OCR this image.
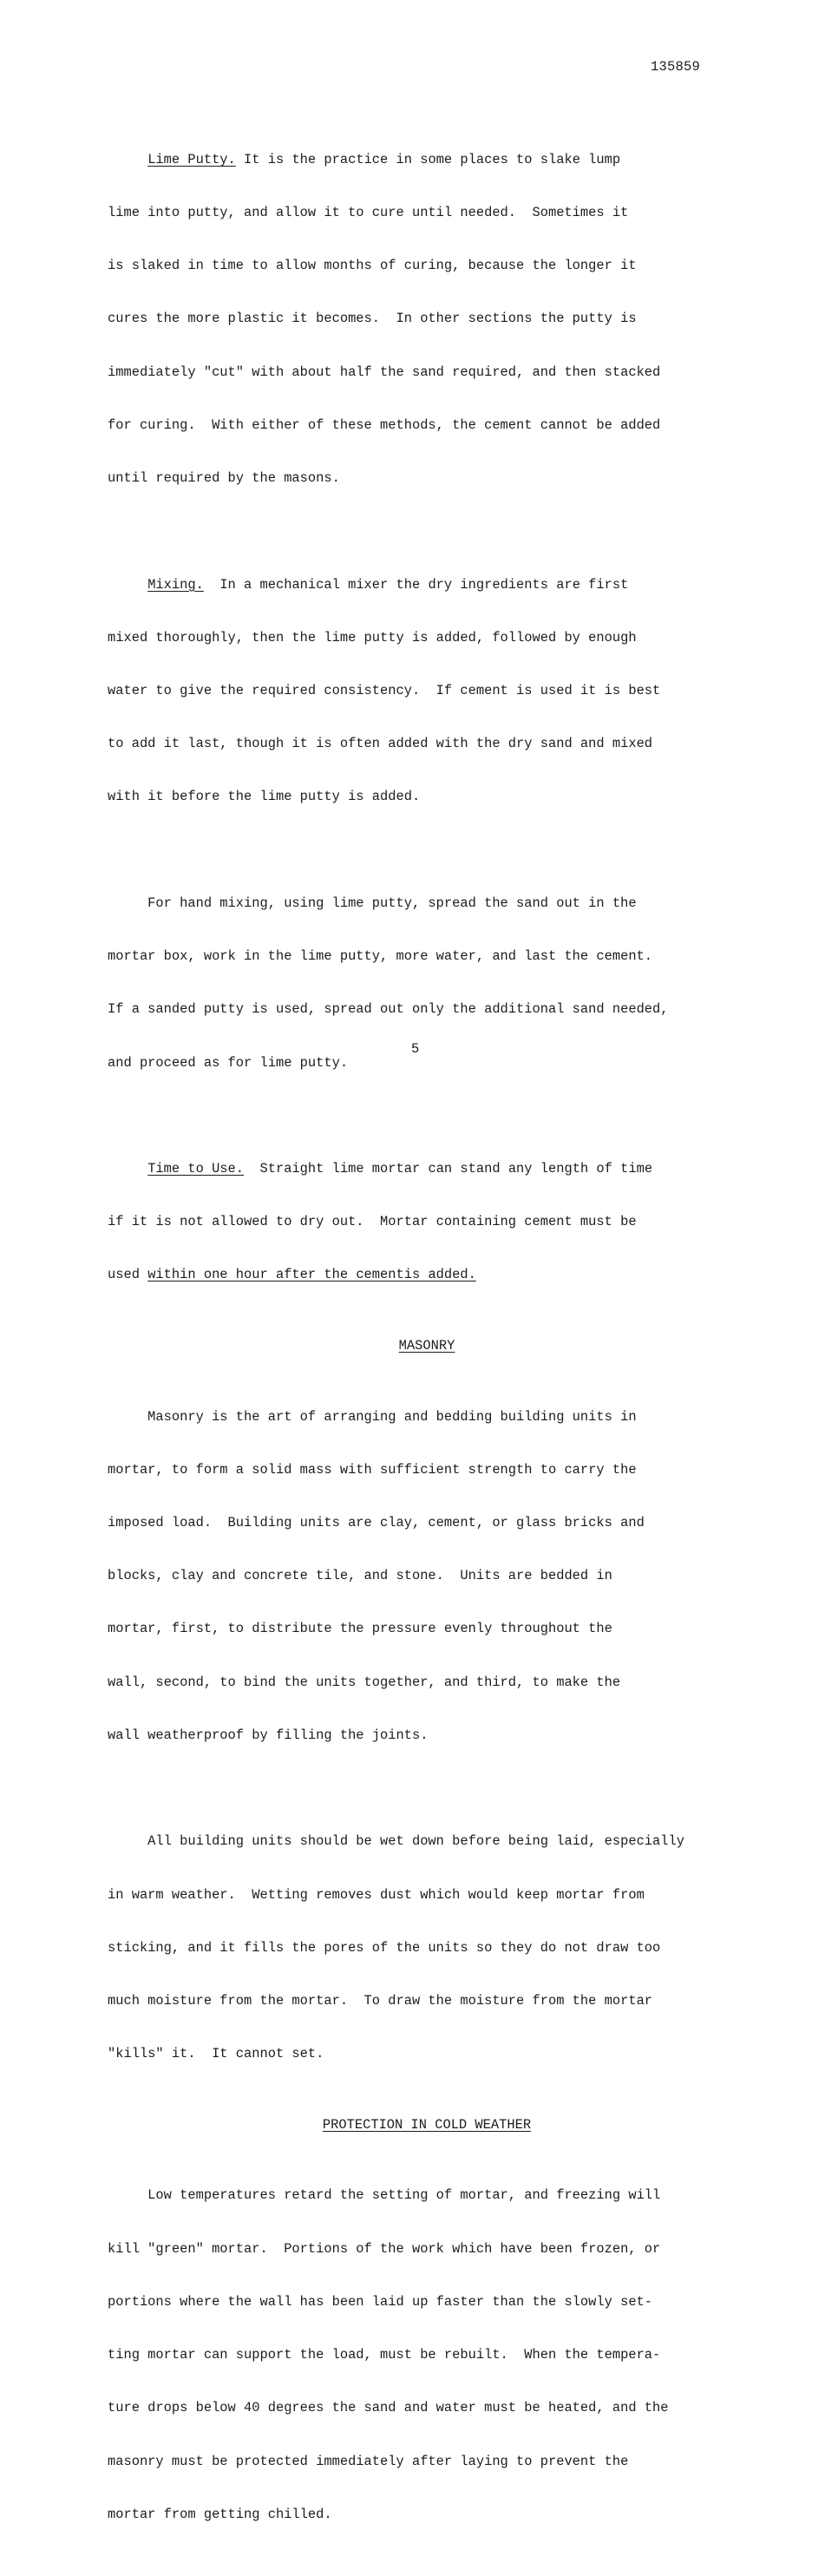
135859

Lime Putty. It is the practice in some places to slake lump

lime into putty, and allow it to cure until needed.  Sometimes it

is slaked in time to allow months of curing, because the longer it

cures the more plastic it becomes.  In other sections the putty is

immediately "cut" with about half the sand required, and then stacked

for curing.  With either of these methods, the cement cannot be added

until required by the masons.

Mixing.  In a mechanical mixer the dry ingredients are first

mixed thoroughly, then the lime putty is added, followed by enough

water to give the required consistency.  If cement is used it is best

to add it last, though it is often added with the dry sand and mixed

with it before the lime putty is added.

For hand mixing, using lime putty, spread the sand out in the

mortar box, work in the lime putty, more water, and last the cement.

If a sanded putty is used, spread out only the additional sand needed,

and proceed as for lime putty.

Time to Use.  Straight lime mortar can stand any length of time

if it is not allowed to dry out.  Mortar containing cement must be

used within one hour after the cementis added.

MASONRY

Masonry is the art of arranging and bedding building units in

mortar, to form a solid mass with sufficient strength to carry the

imposed load.  Building units are clay, cement, or glass bricks and

blocks, clay and concrete tile, and stone.  Units are bedded in

mortar, first, to distribute the pressure evenly throughout the

wall, second, to bind the units together, and third, to make the

wall weatherproof by filling the joints.

All building units should be wet down before being laid, especially

in warm weather.  Wetting removes dust which would keep mortar from

sticking, and it fills the pores of the units so they do not draw too

much moisture from the mortar.  To draw the moisture from the mortar

"kills" it.  It cannot set.

PROTECTION IN COLD WEATHER

Low temperatures retard the setting of mortar, and freezing will

kill "green" mortar.  Portions of the work which have been frozen, or

portions where the wall has been laid up faster than the slowly set-

ting mortar can support the load, must be rebuilt.  When the tempera-

ture drops below 40 degrees the sand and water must be heated, and the

masonry must be protected immediately after laying to prevent the

mortar from getting chilled.

5
